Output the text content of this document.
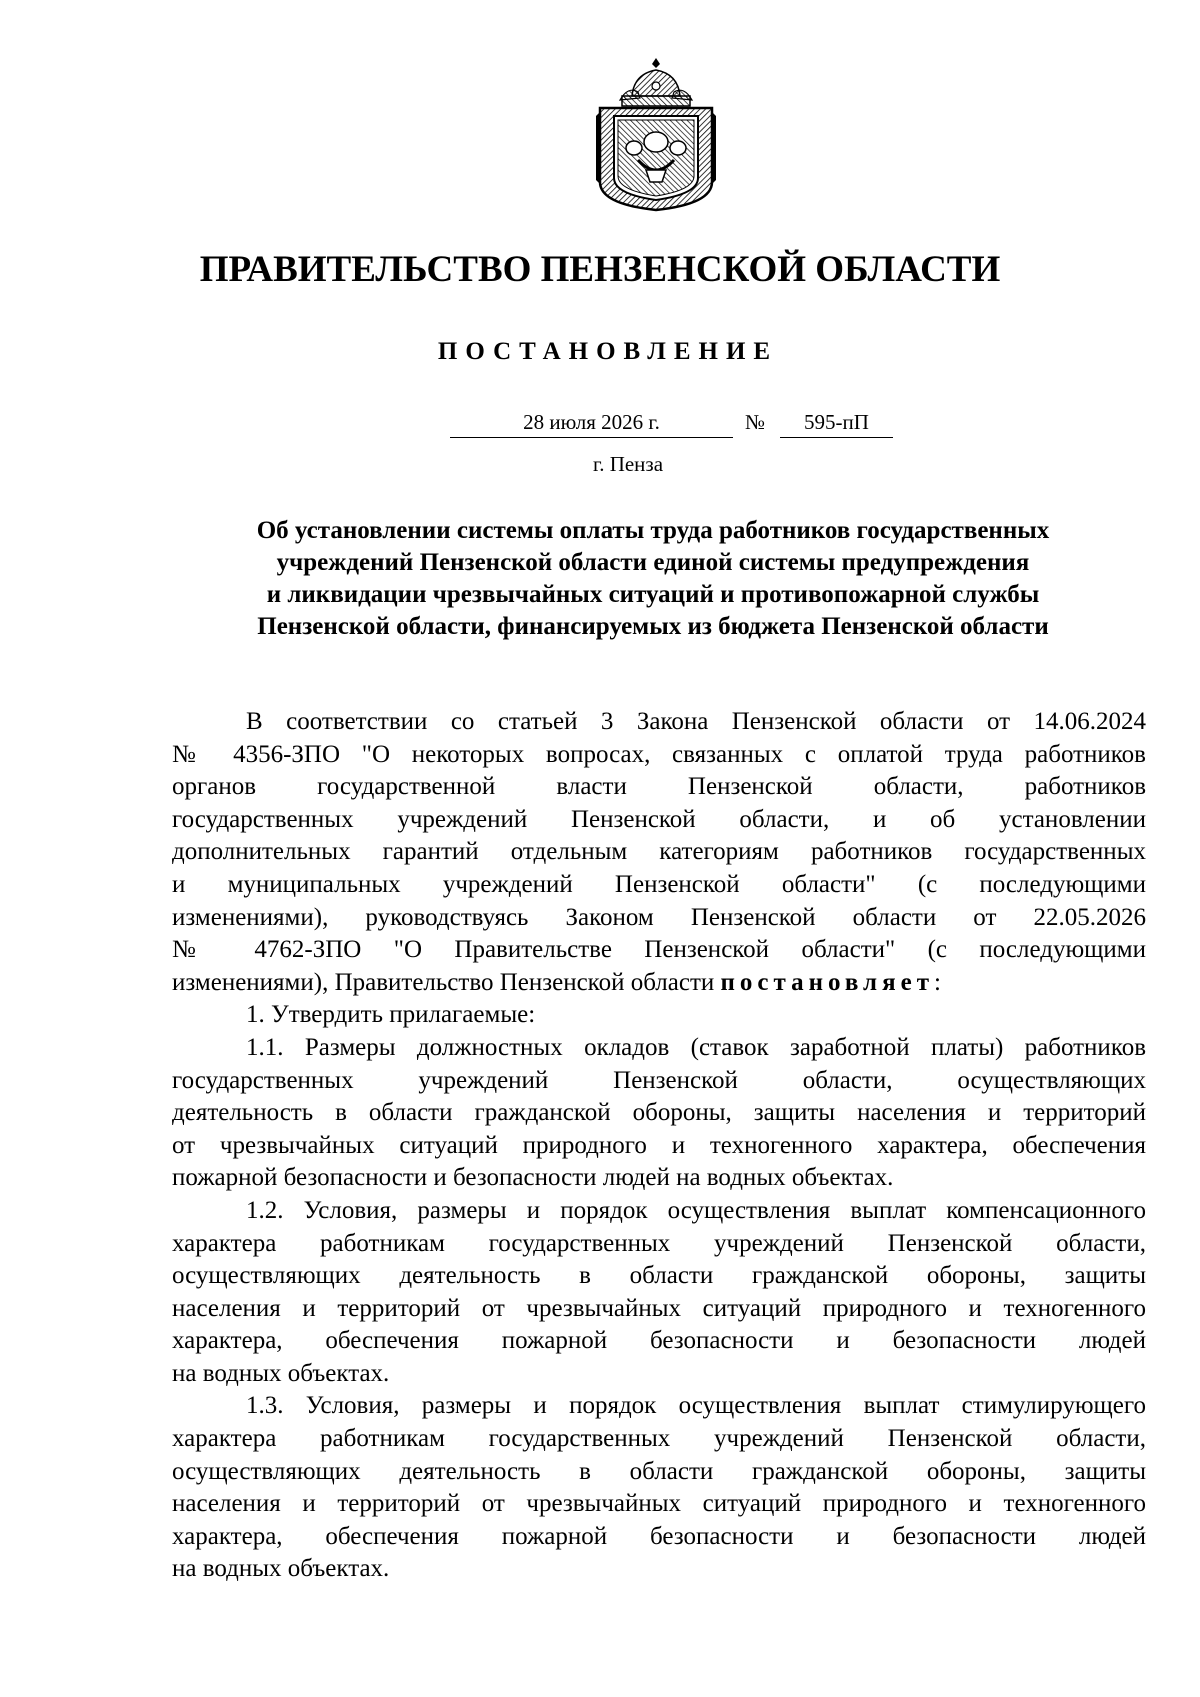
ПРАВИТЕЛЬСТВО ПЕНЗЕНСКОЙ ОБЛАСТИ
ПОСТАНОВЛЕНИЕ
28 июля 2026 г.	№	595-пП
г. Пенза
Об установлении системы оплаты труда работников государственных
учреждений Пензенской области единой системы предупреждения
и ликвидации чрезвычайных ситуаций и противопожарной службы
Пензенской области, финансируемых из бюджета Пензенской области
В соответствии со статьей 3 Закона Пензенской области от 14.06.2024
№ 4356-ЗПО "О некоторых вопросах, связанных с оплатой труда работников
органов государственной власти Пензенской области, работников
государственных учреждений Пензенской области, и об установлении
дополнительных гарантий отдельным категориям работников государственных
и муниципальных учреждений Пензенской области" (с последующими
изменениями), руководствуясь Законом Пензенской области от 22.05.2026
№ 4762-ЗПО "О Правительстве Пензенской области" (с последующими
изменениями), Правительство Пензенской области постановляет:
1. Утвердить прилагаемые:
1.1. Размеры должностных окладов (ставок заработной платы) работников
государственных учреждений Пензенской области, осуществляющих
деятельность в области гражданской обороны, защиты населения и территорий
от чрезвычайных ситуаций природного и техногенного характера, обеспечения
пожарной безопасности и безопасности людей на водных объектах.
1.2. Условия, размеры и порядок осуществления выплат компенсационного
характера работникам государственных учреждений Пензенской области,
осуществляющих деятельность в области гражданской обороны, защиты
населения и территорий от чрезвычайных ситуаций природного и техногенного
характера, обеспечения пожарной безопасности и безопасности людей
на водных объектах.
1.3. Условия, размеры и порядок осуществления выплат стимулирующего
характера работникам государственных учреждений Пензенской области,
осуществляющих деятельность в области гражданской обороны, защиты
населения и территорий от чрезвычайных ситуаций природного и техногенного
характера, обеспечения пожарной безопасности и безопасности людей
на водных объектах.
